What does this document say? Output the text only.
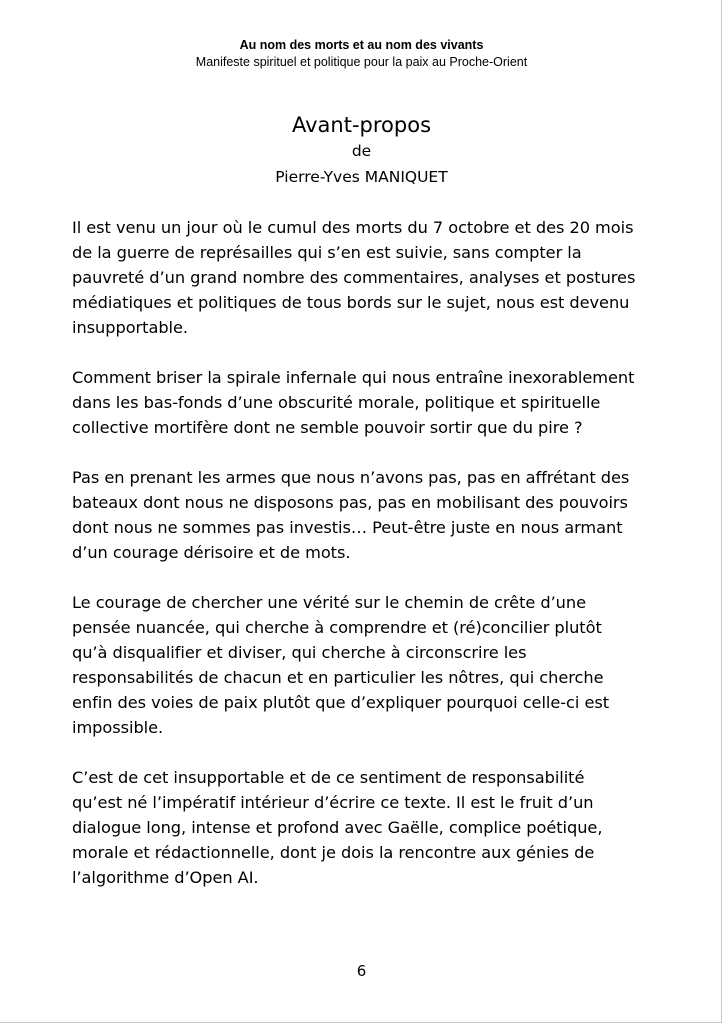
Au nom des morts et au nom des vivants
Manifeste spirituel et politique pour la paix au Proche-Orient
Avant-propos
de
Pierre-Yves MANIQUET

Il est venu un jour où le cumul des morts du 7 octobre et des 20 mois
de la guerre de représailles qui s’en est suivie, sans compter la
pauvreté d’un grand nombre des commentaires, analyses et postures
médiatiques et politiques de tous bords sur le sujet, nous est devenu
insupportable.

Comment briser la spirale infernale qui nous entraîne inexorablement
dans les bas-fonds d’une obscurité morale, politique et spirituelle
collective mortifère dont ne semble pouvoir sortir que du pire ?

Pas en prenant les armes que nous n’avons pas, pas en affrétant des
bateaux dont nous ne disposons pas, pas en mobilisant des pouvoirs
dont nous ne sommes pas investis… Peut-être juste en nous armant
d’un courage dérisoire et de mots.

Le courage de chercher une vérité sur le chemin de crête d’une
pensée nuancée, qui cherche à comprendre et (ré)concilier plutôt
qu’à disqualifier et diviser, qui cherche à circonscrire les
responsabilités de chacun et en particulier les nôtres, qui cherche
enfin des voies de paix plutôt que d’expliquer pourquoi celle-ci est
impossible.

C’est de cet insupportable et de ce sentiment de responsabilité
qu’est né l’impératif intérieur d’écrire ce texte. Il est le fruit d’un
dialogue long, intense et profond avec Gaëlle, complice poétique,
morale et rédactionnelle, dont je dois la rencontre aux génies de
l’algorithme d’Open AI.

6
